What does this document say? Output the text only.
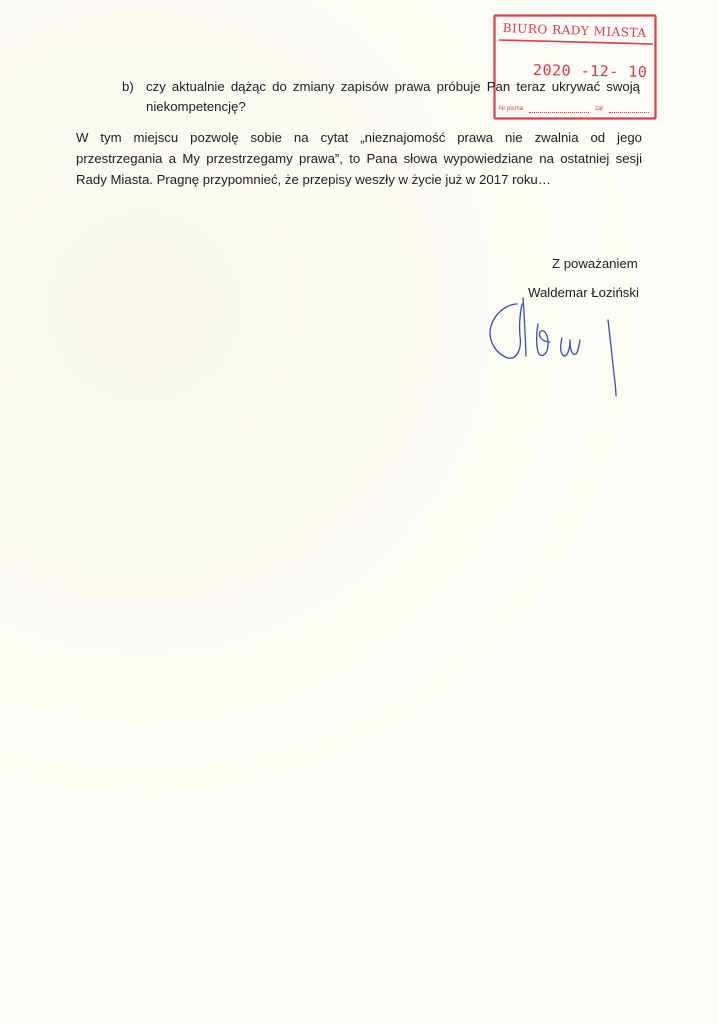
BIURO RADY MIASTA
2020 -12- 10
Nr pisma	zał
b) czy aktualnie dążąc do zmiany zapisów prawa próbuje Pan teraz ukrywać swoją niekompetencję?
W tym miejscu pozwolę sobie na cytat „nieznajomość prawa nie zwalnia od jego
przestrzegania a My przestrzegamy prawa”, to Pana słowa wypowiedziane na ostatniej sesji
Rady Miasta. Pragnę przypomnieć, że przepisy weszły w życie już w 2017 roku…
Z poważaniem
Waldemar Łoziński
